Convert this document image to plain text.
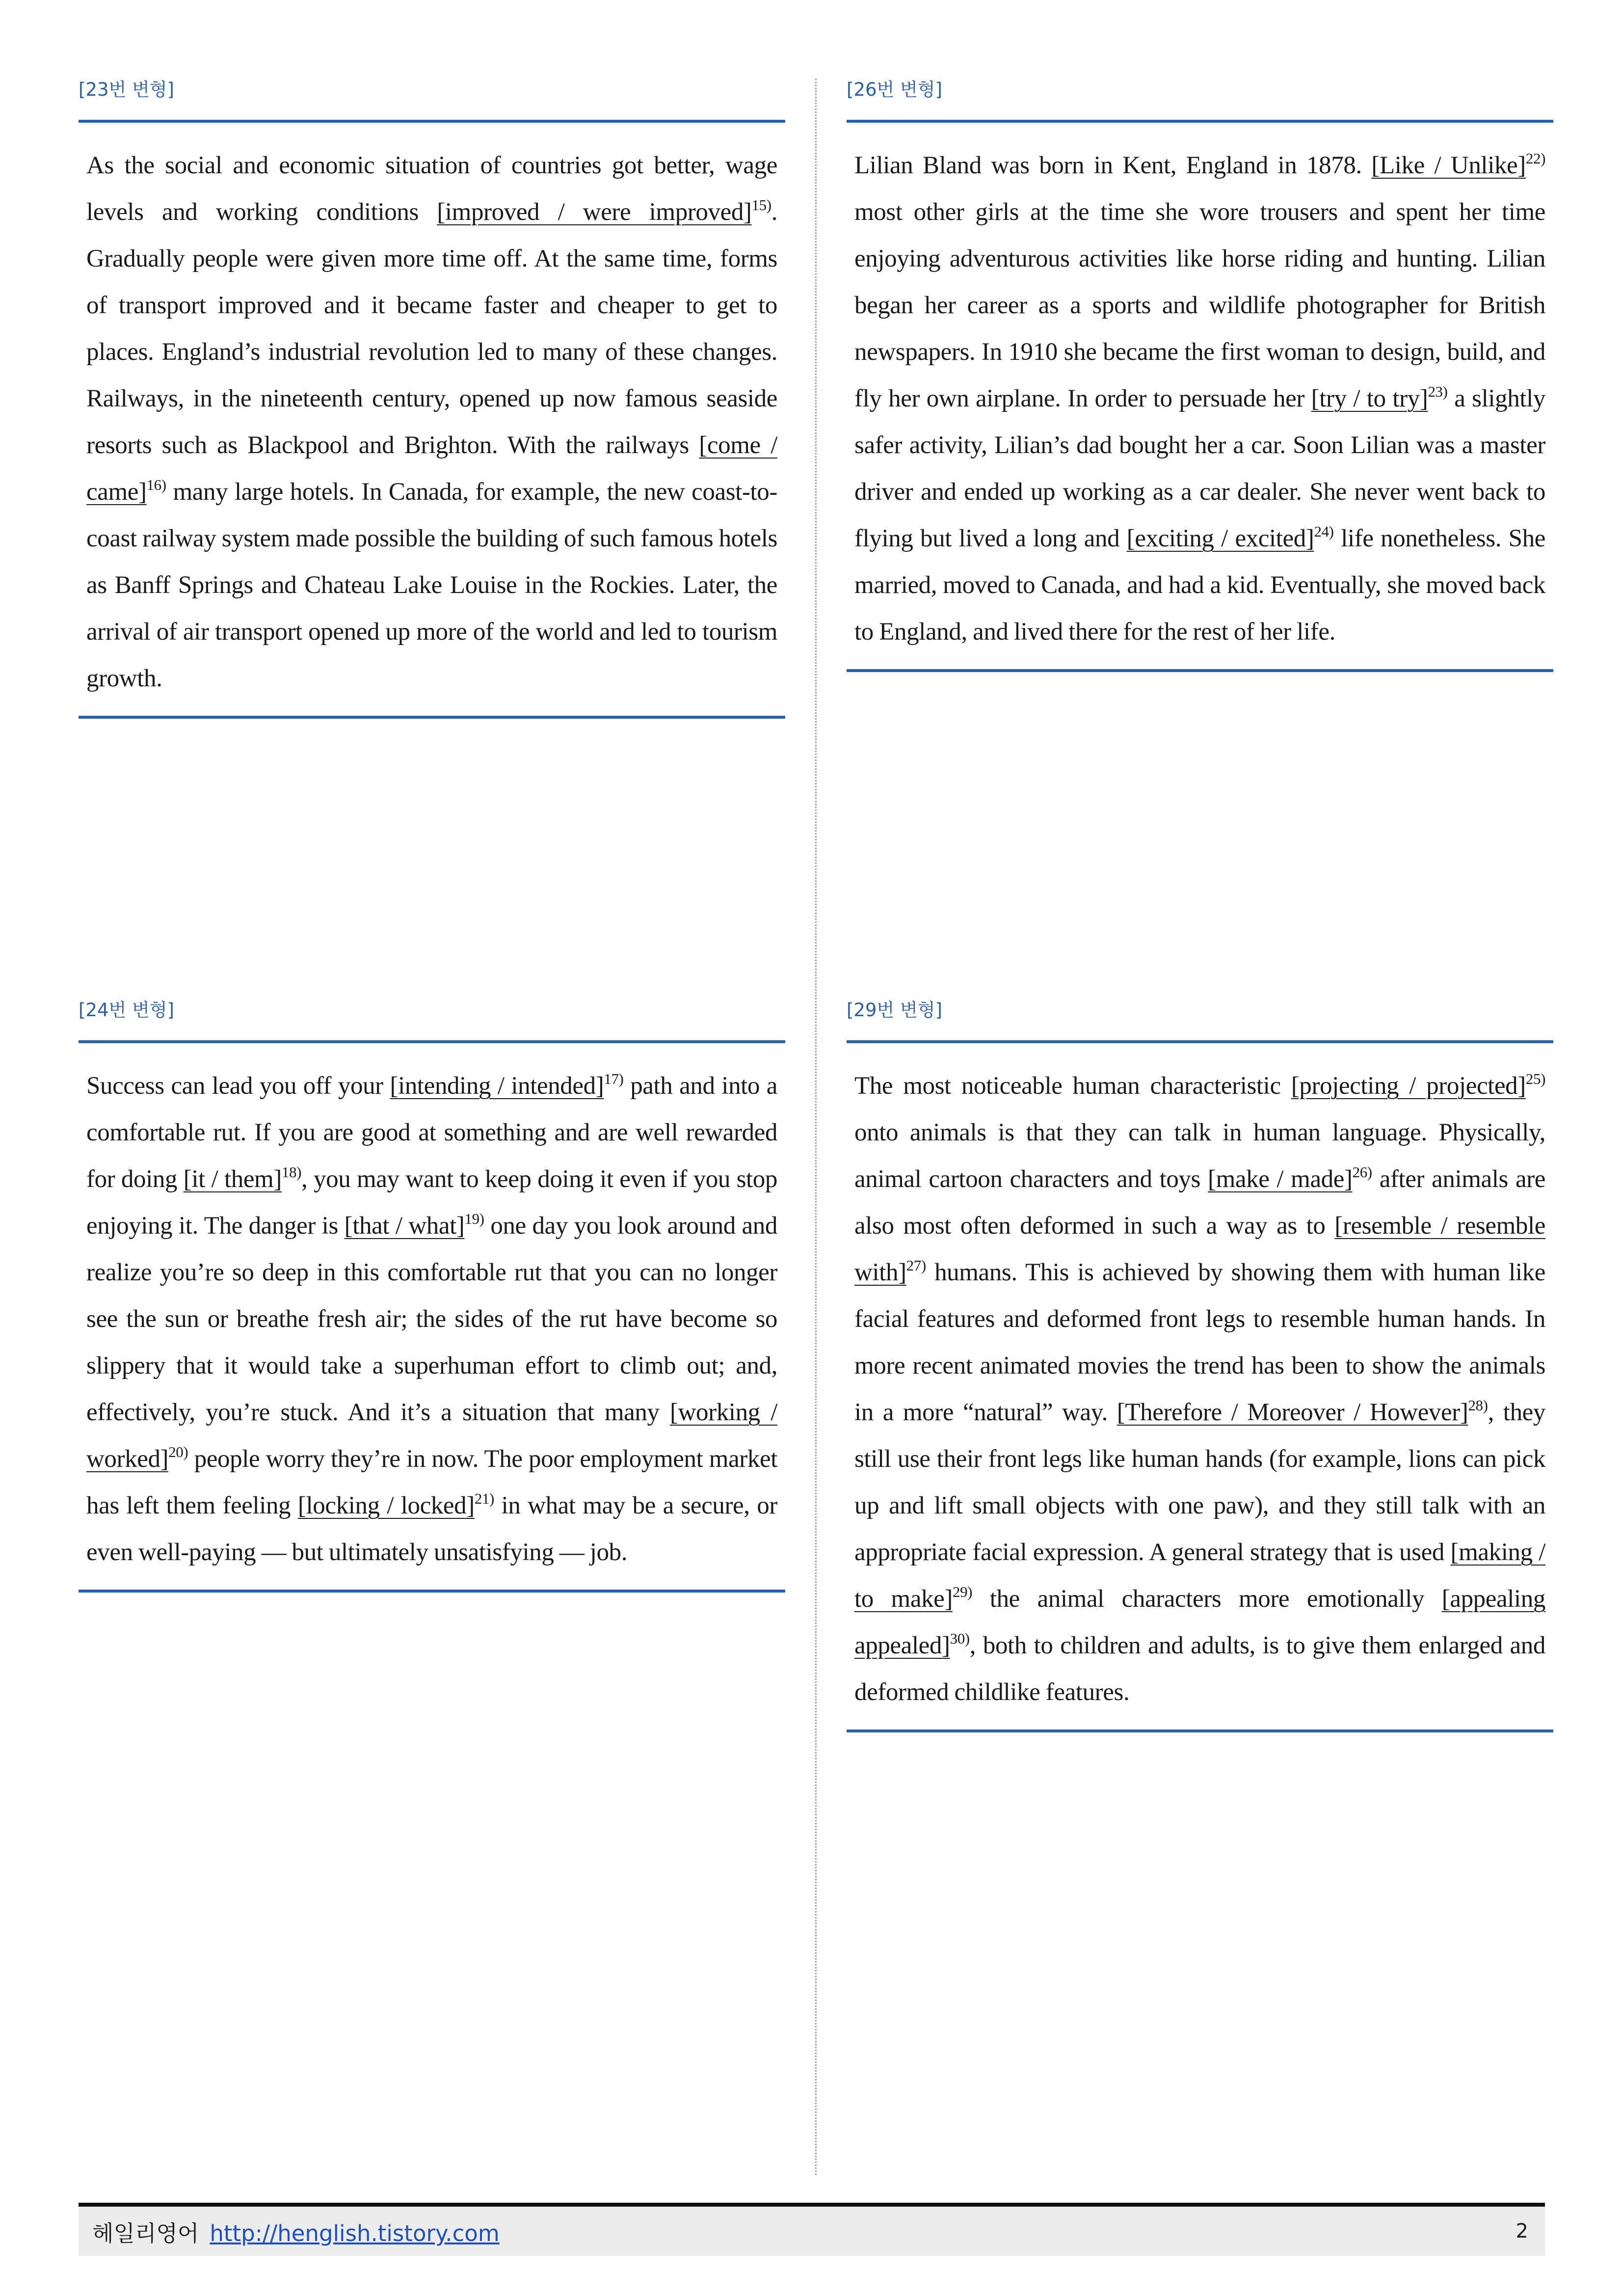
[23번 변형]

As the social and economic situation of countries got better, wage levels and working conditions [improved / were improved]$^{15)}$. Gradually people were given more time off. At the same time, forms of transport improved and it became faster and cheaper to get to places. England’s industrial revolution led to many of these changes. Railways, in the nineteenth century, opened up now famous seaside resorts such as Blackpool and Brighton. With the railways [come / came]$^{16)}$ many large hotels. In Canada, for example, the new coast-to-coast railway system made possible the building of such famous hotels as Banff Springs and Chateau Lake Louise in the Rockies. Later, the arrival of air transport opened up more of the world and led to tourism growth.

[26번 변형]

Lilian Bland was born in Kent, England in 1878. [Like / Unlike]$^{22)}$ most other girls at the time she wore trousers and spent her time enjoying adventurous activities like horse riding and hunting. Lilian began her career as a sports and wildlife photographer for British newspapers. In 1910 she became the first woman to design, build, and fly her own airplane. In order to persuade her [try / to try]$^{23)}$ a slightly safer activity, Lilian’s dad bought her a car. Soon Lilian was a master driver and ended up working as a car dealer. She never went back to flying but lived a long and [exciting / excited]$^{24)}$ life nonetheless. She married, moved to Canada, and had a kid. Eventually, she moved back to England, and lived there for the rest of her life.

[24번 변형]

Success can lead you off your [intending / intended]$^{17)}$ path and into a comfortable rut. If you are good at something and are well rewarded for doing [it / them]$^{18)}$, you may want to keep doing it even if you stop enjoying it. The danger is [that / what]$^{19)}$ one day you look around and realize you’re so deep in this comfortable rut that you can no longer see the sun or breathe fresh air; the sides of the rut have become so slippery that it would take a superhuman effort to climb out; and, effectively, you’re stuck. And it’s a situation that many [working / worked]$^{20)}$ people worry they’re in now. The poor employment market has left them feeling [locking / locked]$^{21)}$ in what may be a secure, or even well-paying ― but ultimately unsatisfying ― job.

[29번 변형]

The most noticeable human characteristic [projecting / projected]$^{25)}$ onto animals is that they can talk in human language. Physically, animal cartoon characters and toys [make / made]$^{26)}$ after animals are also most often deformed in such a way as to [resemble / resemble with]$^{27)}$ humans. This is achieved by showing them with human like facial features and deformed front legs to resemble human hands. In more recent animated movies the trend has been to show the animals in a more “natural” way. [Therefore / Moreover / However]$^{28)}$, they still use their front legs like human hands (for example, lions can pick up and lift small objects with one paw), and they still talk with an appropriate facial expression. A general strategy that is used [making / to make]$^{29)}$ the animal characters more emotionally [appealing appealed]$^{30)}$, both to children and adults, is to give them enlarged and deformed childlike features.

헤일리영어 http://henglish.tistory.com	2
